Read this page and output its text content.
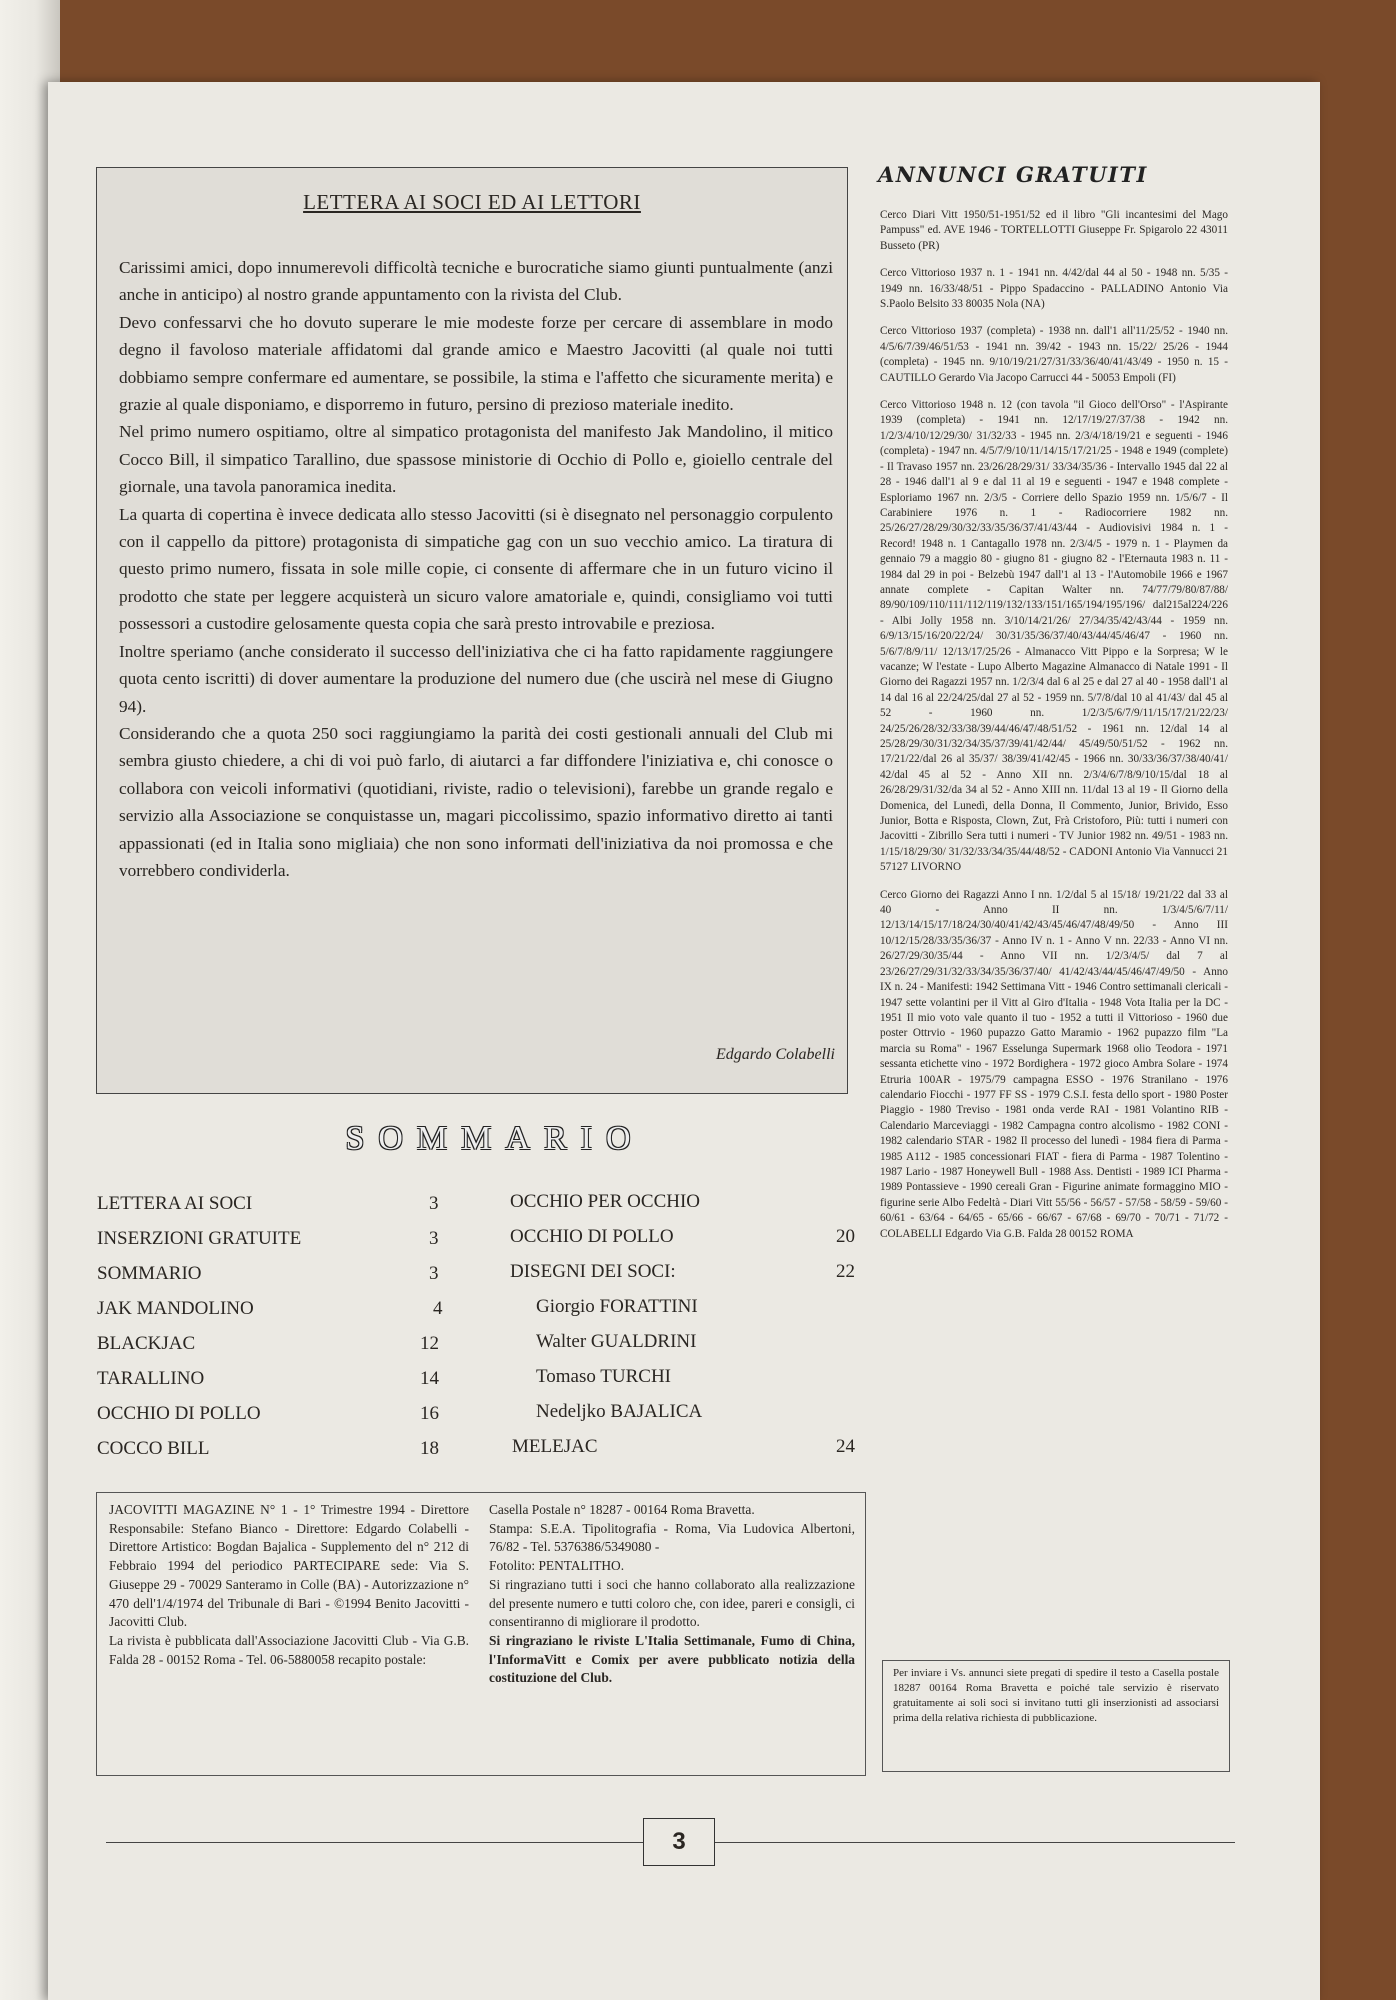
LETTERA AI SOCI ED AI LETTORI

Carissimi amici, dopo innumerevoli difficoltà tecniche e burocratiche siamo giunti puntualmente (anzi anche in anticipo) al nostro grande appuntamento con la rivista del Club.

Devo confessarvi che ho dovuto superare le mie modeste forze per cercare di assemblare in modo degno il favoloso materiale affidatomi dal grande amico e Maestro Jacovitti (al quale noi tutti dobbiamo sempre confermare ed aumentare, se possibile, la stima e l'affetto che sicuramente merita) e grazie al quale disponiamo, e disporremo in futuro, persino di prezioso materiale inedito.

Nel primo numero ospitiamo, oltre al simpatico protagonista del manifesto Jak Mandolino, il mitico Cocco Bill, il simpatico Tarallino, due spassose ministorie di Occhio di Pollo e, gioiello centrale del giornale, una tavola panoramica inedita.

La quarta di copertina è invece dedicata allo stesso Jacovitti (si è disegnato nel personaggio corpulento con il cappello da pittore) protagonista di simpatiche gag con un suo vecchio amico. La tiratura di questo primo numero, fissata in sole mille copie, ci consente di affermare che in un futuro vicino il prodotto che state per leggere acquisterà un sicuro valore amatoriale e, quindi, consigliamo voi tutti possessori a custodire gelosamente questa copia che sarà presto introvabile e preziosa.

Inoltre speriamo (anche considerato il successo dell'iniziativa che ci ha fatto rapidamente raggiungere quota cento iscritti) di dover aumentare la produzione del numero due (che uscirà nel mese di Giugno 94).

Considerando che a quota 250 soci raggiungiamo la parità dei costi gestionali annuali del Club mi sembra giusto chiedere, a chi di voi può farlo, di aiutarci a far diffondere l'iniziativa e, chi conosce o collabora con veicoli informativi (quotidiani, riviste, radio o televisioni), farebbe un grande regalo e servizio alla Associazione se conquistasse un, magari piccolissimo, spazio informativo diretto ai tanti appassionati (ed in Italia sono migliaia) che non sono informati dell'iniziativa da noi promossa e che vorrebbero condividerla.

Edgardo Colabelli
ANNUNCI GRATUITI

Cerco Diari Vitt 1950/51-1951/52 ed il libro "Gli incantesimi del Mago Pampuss" ed. AVE 1946 - TORTELLOTTI Giuseppe Fr. Spigarolo 22 43011 Busseto (PR)

Cerco Vittorioso 1937 n. 1 - 1941 nn. 4/42/dal 44 al 50 - 1948 nn. 5/35 - 1949 nn. 16/33/48/51 - Pippo Spadaccino - PALLADINO Antonio Via S.Paolo Belsito 33 80035 Nola (NA)

Cerco Vittorioso 1937 (completa) - 1938 nn. dall'1 all'11/25/52 - 1940 nn. 4/5/6/7/39/46/51/53 - 1941 nn. 39/42 - 1943 nn. 15/22/ 25/26 - 1944 (completa) - 1945 nn. 9/10/19/21/27/31/33/36/40/41/43/49 - 1950 n. 15 - CAUTILLO Gerardo Via Jacopo Carrucci 44 - 50053 Empoli (FI)

Cerco Vittorioso 1948 n. 12 (con tavola "il Gioco dell'Orso" - l'Aspirante 1939 (completa) - 1941 nn. 12/17/19/27/37/38 - 1942 nn. 1/2/3/4/10/12/29/30/ 31/32/33 - 1945 nn. 2/3/4/18/19/21 e seguenti - 1946 (completa) - 1947 nn. 4/5/7/9/10/11/14/15/17/21/25 - 1948 e 1949 (complete) - Il Travaso 1957 nn. 23/26/28/29/31/ 33/34/35/36 - Intervallo 1945 dal 22 al 28 - 1946 dall'1 al 9 e dal 11 al 19 e seguenti - 1947 e 1948 complete - Esploriamo 1967 nn. 2/3/5 - Corriere dello Spazio 1959 nn. 1/5/6/7 - Il Carabiniere 1976 n. 1 - Radiocorriere 1982 nn. 25/26/27/28/29/30/32/33/35/36/37/41/43/44 - Audiovisivi 1984 n. 1 - Record! 1948 n. 1 Cantagallo 1978 nn. 2/3/4/5 - 1979 n. 1 - Playmen da gennaio 79 a maggio 80 - giugno 81 - giugno 82 - l'Eternauta 1983 n. 11 - 1984 dal 29 in poi - Belzebù 1947 dall'1 al 13 - l'Automobile 1966 e 1967 annate complete - Capitan Walter nn. 74/77/79/80/87/88/ 89/90/109/110/111/112/119/132/133/151/165/194/195/196/ dal215al224/226 - Albi Jolly 1958 nn. 3/10/14/21/26/ 27/34/35/42/43/44 - 1959 nn. 6/9/13/15/16/20/22/24/ 30/31/35/36/37/40/43/44/45/46/47 - 1960 nn. 5/6/7/8/9/11/ 12/13/17/25/26 - Almanacco Vitt Pippo e la Sorpresa; W le vacanze; W l'estate - Lupo Alberto Magazine Almanacco di Natale 1991 - Il Giorno dei Ragazzi 1957 nn. 1/2/3/4 dal 6 al 25 e dal 27 al 40 - 1958 dall'1 al 14 dal 16 al 22/24/25/dal 27 al 52 - 1959 nn. 5/7/8/dal 10 al 41/43/ dal 45 al 52 - 1960 nn. 1/2/3/5/6/7/9/11/15/17/21/22/23/ 24/25/26/28/32/33/38/39/44/46/47/48/51/52 - 1961 nn. 12/dal 14 al 25/28/29/30/31/32/34/35/37/39/41/42/44/ 45/49/50/51/52 - 1962 nn. 17/21/22/dal 26 al 35/37/ 38/39/41/42/45 - 1966 nn. 30/33/36/37/38/40/41/ 42/dal 45 al 52 - Anno XII nn. 2/3/4/6/7/8/9/10/15/dal 18 al 26/28/29/31/32/da 34 al 52 - Anno XIII nn. 11/dal 13 al 19 - Il Giorno della Domenica, del Lunedì, della Donna, Il Commento, Junior, Brivido, Esso Junior, Botta e Risposta, Clown, Zut, Frà Cristoforo, Più: tutti i numeri con Jacovitti - Zibrillo Sera tutti i numeri - TV Junior 1982 nn. 49/51 - 1983 nn. 1/15/18/29/30/ 31/32/33/34/35/44/48/52 - CADONI Antonio Via Vannucci 21 57127 LIVORNO

Cerco Giorno dei Ragazzi Anno I nn. 1/2/dal 5 al 15/18/ 19/21/22 dal 33 al 40 - Anno II nn. 1/3/4/5/6/7/11/ 12/13/14/15/17/18/24/30/40/41/42/43/45/46/47/48/49/50 - Anno III 10/12/15/28/33/35/36/37 - Anno IV n. 1 - Anno V nn. 22/33 - Anno VI nn. 26/27/29/30/35/44 - Anno VII nn. 1/2/3/4/5/ dal 7 al 23/26/27/29/31/32/33/34/35/36/37/40/ 41/42/43/44/45/46/47/49/50 - Anno IX n. 24 - Manifesti: 1942 Settimana Vitt - 1946 Contro settimanali clericali - 1947 sette volantini per il Vitt al Giro d'Italia - 1948 Vota Italia per la DC - 1951 Il mio voto vale quanto il tuo - 1952 a tutti il Vittorioso - 1960 due poster Ottrvio - 1960 pupazzo Gatto Maramio - 1962 pupazzo film "La marcia su Roma" - 1967 Esselunga Supermark 1968 olio Teodora - 1971 sessanta etichette vino - 1972 Bordighera - 1972 gioco Ambra Solare - 1974 Etruria 100AR - 1975/79 campagna ESSO - 1976 Stranilano - 1976 calendario Fiocchi - 1977 FF SS - 1979 C.S.I. festa dello sport - 1980 Poster Piaggio - 1980 Treviso - 1981 onda verde RAI - 1981 Volantino RIB - Calendario Marceviaggi - 1982 Campagna contro alcolismo - 1982 CONI - 1982 calendario STAR - 1982 Il processo del lunedì - 1984 fiera di Parma - 1985 A112 - 1985 concessionari FIAT - fiera di Parma - 1987 Tolentino - 1987 Lario - 1987 Honeywell Bull - 1988 Ass. Dentisti - 1989 ICI Pharma - 1989 Pontassieve - 1990 cereali Gran - Figurine animate formaggino MIO - figurine serie Albo Fedeltà - Diari Vitt 55/56 - 56/57 - 57/58 - 58/59 - 59/60 - 60/61 - 63/64 - 64/65 - 65/66 - 66/67 - 67/68 - 69/70 - 70/71 - 71/72 - COLABELLI Edgardo Via G.B. Falda 28 00152 ROMA

Per inviare i Vs. annunci siete pregati di spedire il testo a Casella postale 18287 00164 Roma Bravetta e poiché tale servizio è riservato gratuitamente ai soli soci si invitano tutti gli inserzionisti ad associarsi prima della relativa richiesta di pubblicazione.
SOMMARIO
LETTERA AI SOCI	3
INSERZIONI GRATUITE	3
SOMMARIO	3
JAK MANDOLINO	4
BLACKJAC	12
TARALLINO	14
OCCHIO DI POLLO	16
COCCO BILL	18
OCCHIO PER OCCHIO
OCCHIO DI POLLO	20
DISEGNI DEI SOCI:	22
Giorgio FORATTINI
Walter GUALDRINI
Tomaso TURCHI
Nedeljko BAJALICA
MELEJAC	24

JACOVITTI MAGAZINE N° 1 - 1° Trimestre 1994 - Direttore Responsabile: Stefano Bianco - Direttore: Edgardo Colabelli - Direttore Artistico: Bogdan Bajalica - Supplemento del n° 212 di Febbraio 1994 del periodico PARTECIPARE sede: Via S. Giuseppe 29 - 70029 Santeramo in Colle (BA) - Autorizzazione n° 470 dell'1/4/1974 del Tribunale di Bari - ©1994 Benito Jacovitti - Jacovitti Club.

La rivista è pubblicata dall'Associazione Jacovitti Club - Via G.B. Falda 28 - 00152 Roma - Tel. 06-5880058 recapito postale:

Casella Postale n° 18287 - 00164 Roma Bravetta.

Stampa: S.E.A. Tipolitografia - Roma, Via Ludovica Albertoni, 76/82 - Tel. 5376386/5349080 -

Fotolito: PENTALITHO.

Si ringraziano tutti i soci che hanno collaborato alla realizzazione del presente numero e tutti coloro che, con idee, pareri e consigli, ci consentiranno di migliorare il prodotto.

Si ringraziano le riviste L'Italia Settimanale, Fumo di China, l'InformaVitt e Comix per avere pubblicato notizia della costituzione del Club.

3
